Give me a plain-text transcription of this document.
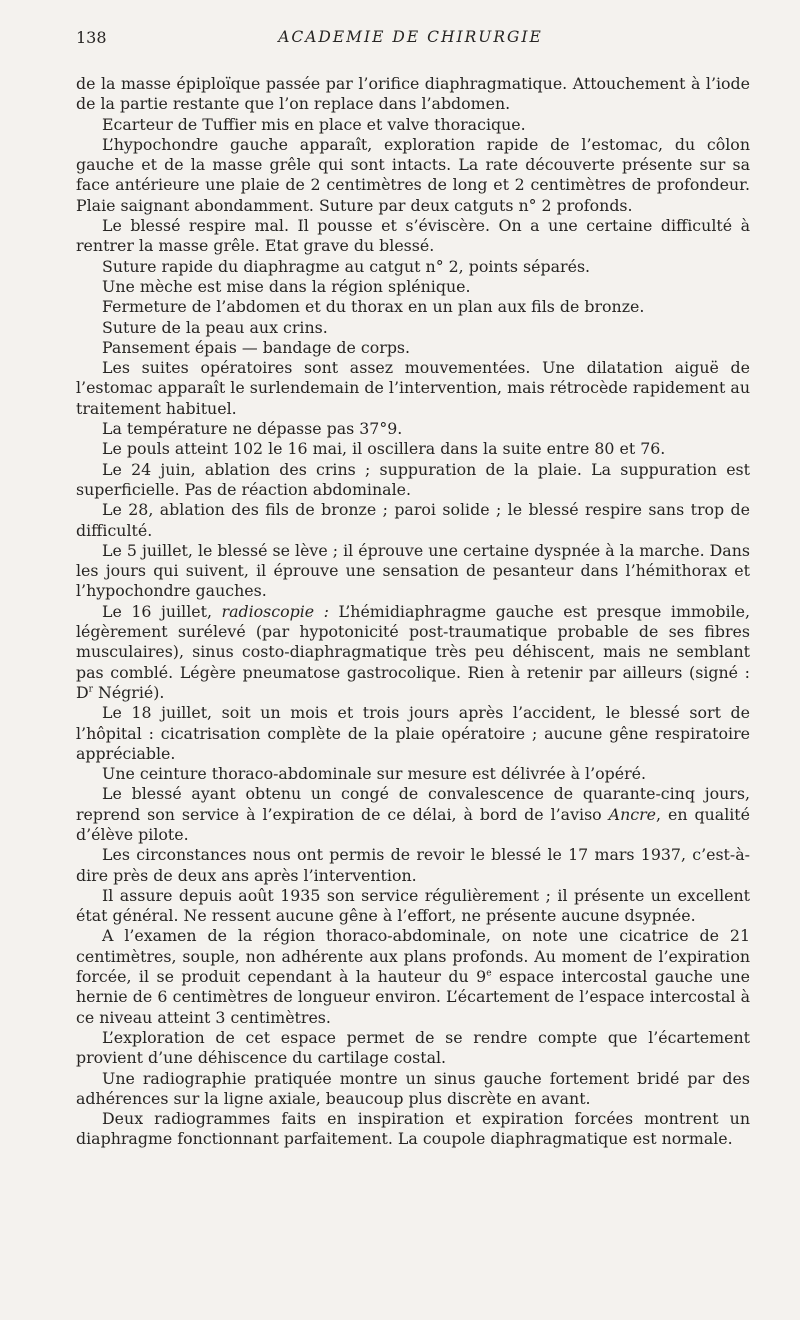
138	ACADEMIE DE CHIRURGIE

de la masse épiploïque passée par l’orifice diaphragmatique. Attouchement à l’iode de la partie restante que l’on replace dans l’abdomen.

Ecarteur de Tuffier mis en place et valve thoracique.

L’hypochondre gauche apparaît, exploration rapide de l’estomac, du côlon gauche et de la masse grêle qui sont intacts. La rate découverte présente sur sa face antérieure une plaie de 2 centimètres de long et 2 centimètres de profondeur. Plaie saignant abondamment. Suture par deux catguts n° 2 profonds.

Le blessé respire mal. Il pousse et s’éviscère. On a une certaine difficulté à rentrer la masse grêle. Etat grave du blessé.

Suture rapide du diaphragme au catgut n° 2, points séparés.

Une mèche est mise dans la région splénique.

Fermeture de l’abdomen et du thorax en un plan aux fils de bronze.

Suture de la peau aux crins.

Pansement épais — bandage de corps.

Les suites opératoires sont assez mouvementées. Une dilatation aiguë de l’estomac apparaît le surlendemain de l’intervention, mais rétrocède rapidement au traitement habituel.

La température ne dépasse pas 37°9.

Le pouls atteint 102 le 16 mai, il oscillera dans la suite entre 80 et 76.

Le 24 juin, ablation des crins ; suppuration de la plaie. La suppuration est superficielle. Pas de réaction abdominale.

Le 28, ablation des fils de bronze ; paroi solide ; le blessé respire sans trop de difficulté.

Le 5 juillet, le blessé se lève ; il éprouve une certaine dyspnée à la marche. Dans les jours qui suivent, il éprouve une sensation de pesanteur dans l’hémithorax et l’hypochondre gauches.

Le 16 juillet, radioscopie : L’hémidiaphragme gauche est presque immobile, légèrement surélevé (par hypotonicité post-traumatique probable de ses fibres musculaires), sinus costo-diaphragmatique très peu déhiscent, mais ne semblant pas comblé. Légère pneumatose gastrocolique. Rien à retenir par ailleurs (signé : $D^r$ Négrié).

Le 18 juillet, soit un mois et trois jours après l’accident, le blessé sort de l’hôpital : cicatrisation complète de la plaie opératoire ; aucune gêne respiratoire appréciable.

Une ceinture thoraco-abdominale sur mesure est délivrée à l’opéré.

Le blessé ayant obtenu un congé de convalescence de quarante-cinq jours, reprend son service à l’expiration de ce délai, à bord de l’aviso Ancre, en qualité d’élève pilote.

Les circonstances nous ont permis de revoir le blessé le 17 mars 1937, c’est-à-dire près de deux ans après l’intervention.

Il assure depuis août 1935 son service régulièrement ; il présente un excellent état général. Ne ressent aucune gêne à l’effort, ne présente aucune dsypnée.

A l’examen de la région thoraco-abdominale, on note une cicatrice de 21 centimètres, souple, non adhérente aux plans profonds. Au moment de l’expiration forcée, il se produit cependant à la hauteur du 9e espace intercostal gauche une hernie de 6 centimètres de longueur environ. L’écartement de l’espace intercostal à ce niveau atteint 3 centimètres.

L’exploration de cet espace permet de se rendre compte que l’écartement provient d’une déhiscence du cartilage costal.

Une radiographie pratiquée montre un sinus gauche fortement bridé par des adhérences sur la ligne axiale, beaucoup plus discrète en avant.

Deux radiogrammes faits en inspiration et expiration forcées montrent un diaphragme fonctionnant parfaitement. La coupole diaphragmatique est normale.
